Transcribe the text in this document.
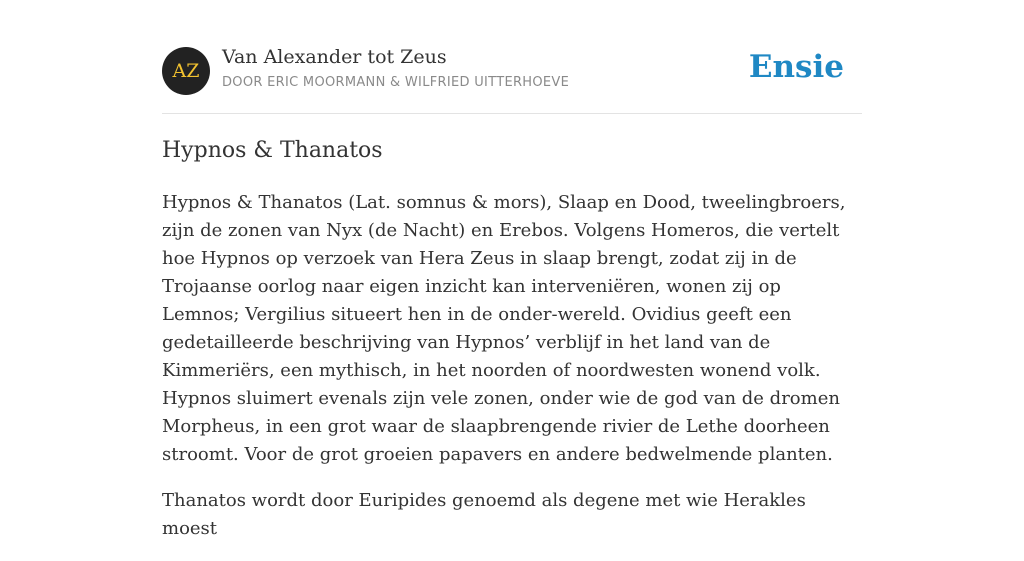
AZ
Van Alexander tot Zeus
DOOR ERIC MOORMANN & WILFRIED UITTERHOEVE	Ensie
Hypnos & Thanatos

Hypnos & Thanatos (Lat. somnus & mors), Slaap en Dood, tweelingbroers, zijn de zonen van Nyx (de Nacht) en Erebos. Volgens Homeros, die vertelt hoe Hypnos op verzoek van Hera Zeus in slaap brengt, zodat zij in de Trojaanse oorlog naar eigen inzicht kan interveniëren, wonen zij op Lemnos; Vergilius situeert hen in de onder-wereld. Ovidius geeft een gedetailleerde beschrijving van Hypnos’ verblijf in het land van de Kimmeriërs, een mythisch, in het noorden of noordwesten wonend volk. Hypnos sluimert evenals zijn vele zonen, onder wie de god van de dromen Morpheus, in een grot waar de slaapbrengende rivier de Lethe doorheen stroomt. Voor de grot groeien papavers en andere bedwelmende planten.

Thanatos wordt door Euripides genoemd als degene met wie Herakles moest
